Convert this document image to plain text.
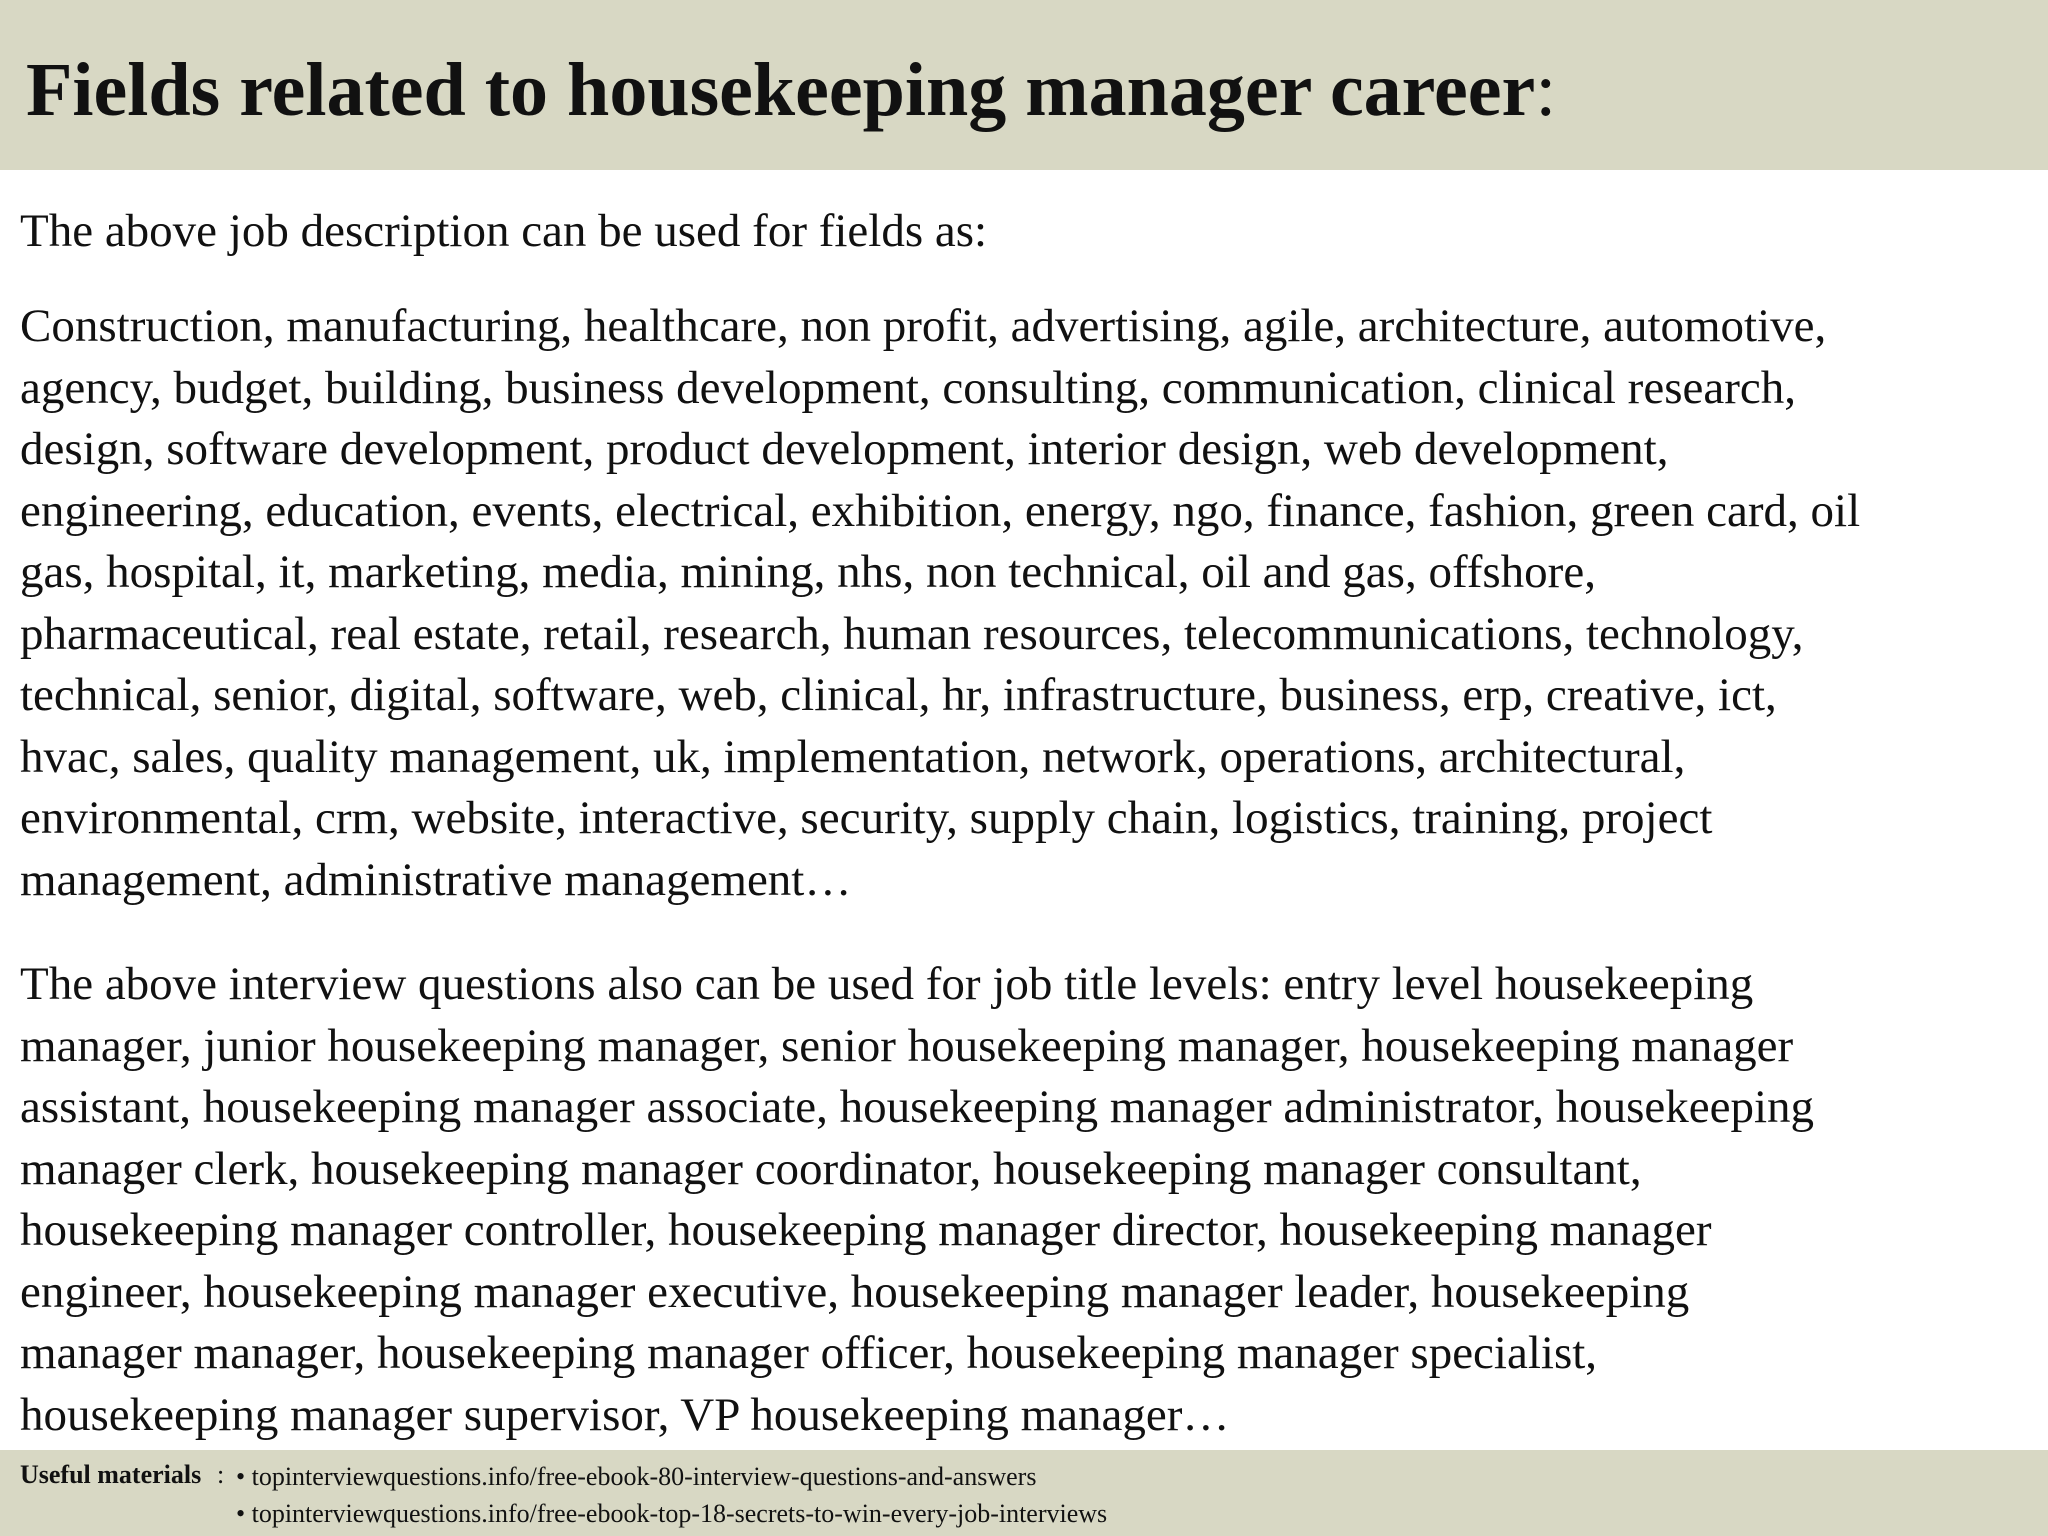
Fields related to housekeeping manager career:

The above job description can be used for fields as:

Construction, manufacturing, healthcare, non profit, advertising, agile, architecture, automotive,
agency, budget, building, business development, consulting, communication, clinical research,
design, software development, product development, interior design, web development,
engineering, education, events, electrical, exhibition, energy, ngo, finance, fashion, green card, oil
gas, hospital, it, marketing, media, mining, nhs, non technical, oil and gas, offshore,
pharmaceutical, real estate, retail, research, human resources, telecommunications, technology,
technical, senior, digital, software, web, clinical, hr, infrastructure, business, erp, creative, ict,
hvac, sales, quality management, uk, implementation, network, operations, architectural,
environmental, crm, website, interactive, security, supply chain, logistics, training, project
management, administrative management…
The above interview questions also can be used for job title levels: entry level housekeeping
manager, junior housekeeping manager, senior housekeeping manager, housekeeping manager
assistant, housekeeping manager associate, housekeeping manager administrator, housekeeping
manager clerk, housekeeping manager coordinator, housekeeping manager consultant,
housekeeping manager controller, housekeeping manager director, housekeeping manager
engineer, housekeeping manager executive, housekeeping manager leader, housekeeping
manager manager, housekeeping manager officer, housekeeping manager specialist,
housekeeping manager supervisor, VP housekeeping manager…
Useful materials :
•	topinterviewquestions.info/free-ebook-80-interview-questions-and-answers
• topinterviewquestions.info/free-ebook-top-18-secrets-to-win-every-job-interviews
